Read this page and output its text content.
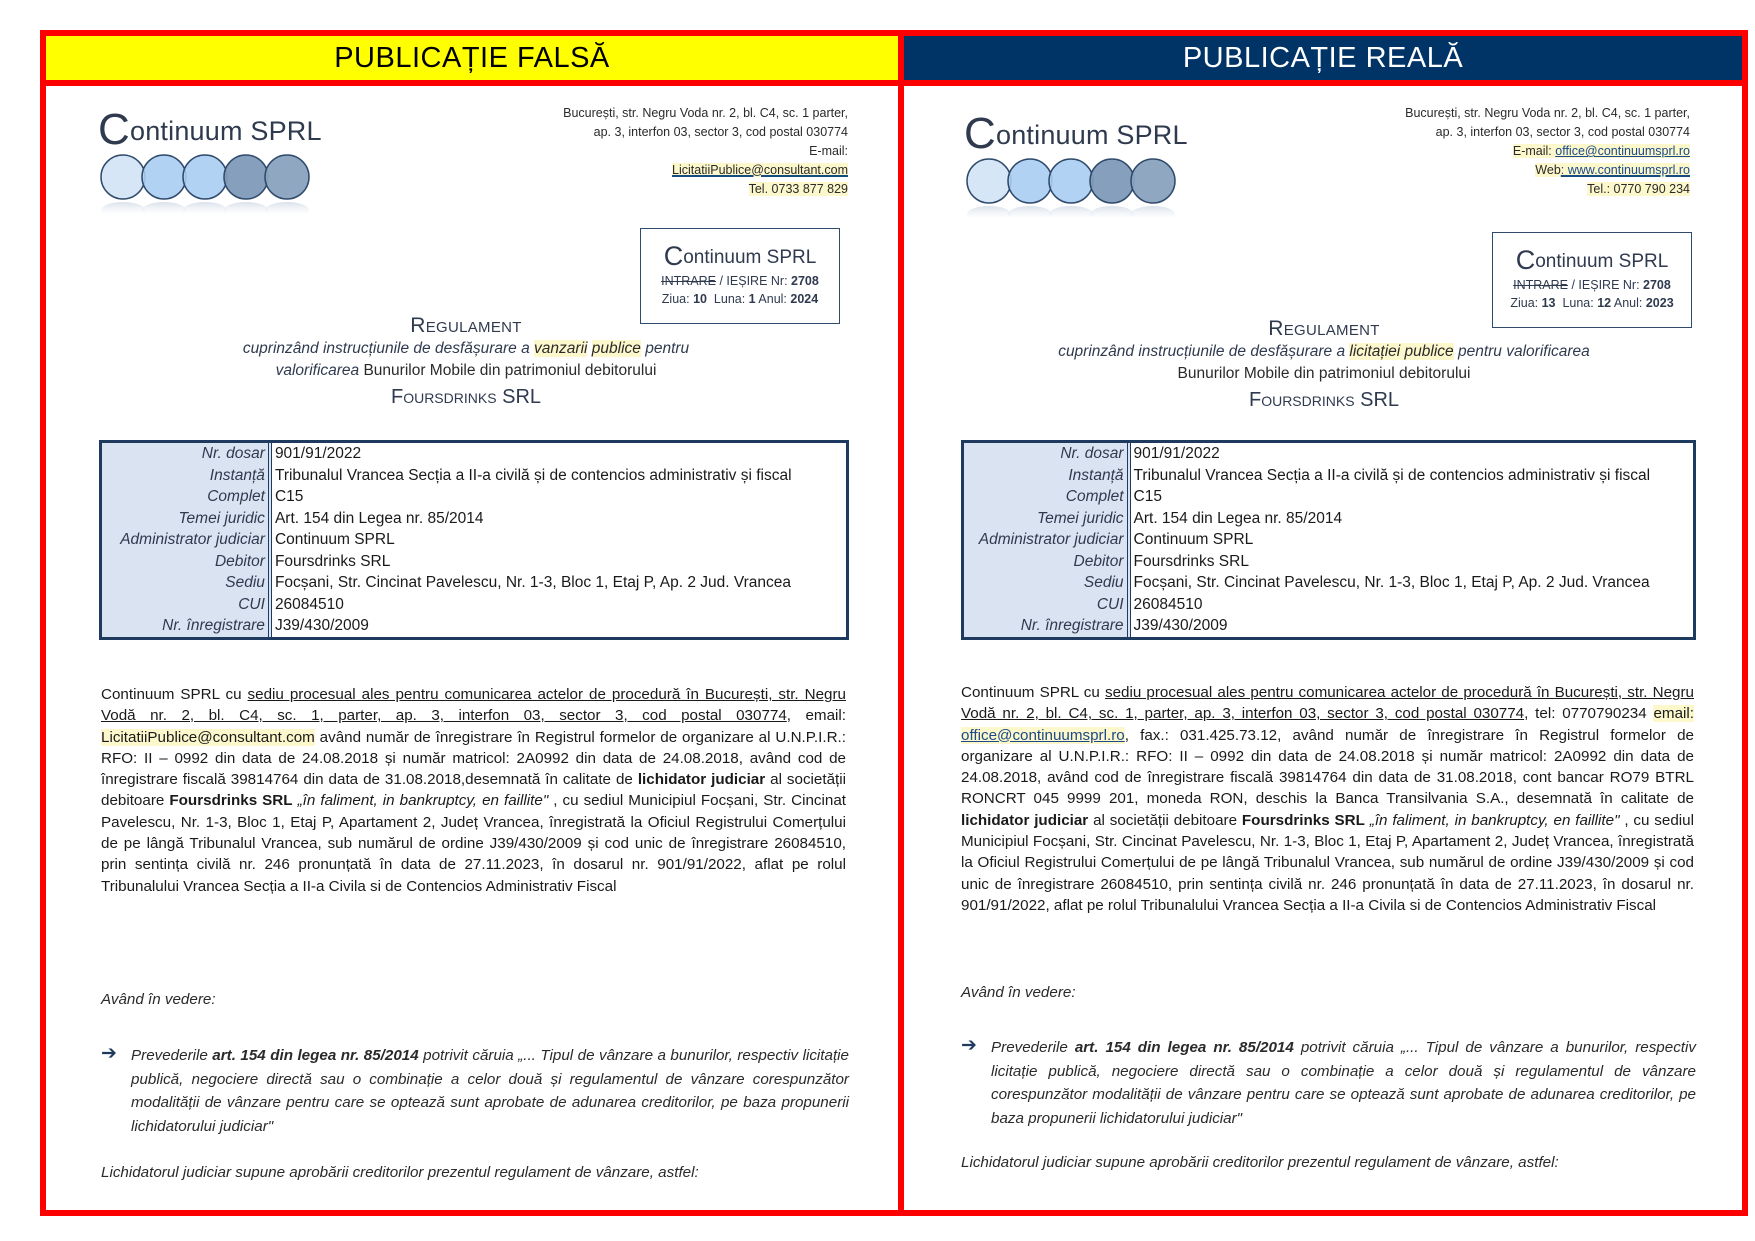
PUBLICAȚIE FALSĂ	PUBLICAȚIE REALĂ
Continuum SPRL
București, str. Negru Voda nr. 2, bl. C4, sc. 1 parter,
ap. 3, interfon 03, sector 3, cod postal 030774
E-mail:
LicitatiiPublice@consultant.com
Tel. 0733 877 829
Continuum SPRL
INTRARE / IEȘIRE Nr: 2708
Ziua: 10  Luna: 1 Anul: 2024
Regulament
cuprinzând instrucțiunile de desfășurare a vanzarii publice pentru
valorificarea Bunurilor Mobile din patrimoniul debitorului
Foursdrinks SRL
Nr. dosar	901/91/2022
Instanță	Tribunalul Vrancea Secția a II-a civilă și de contencios administrativ și fiscal
Complet	C15
Temei juridic	Art. 154 din Legea nr. 85/2014
Administrator judiciar	Continuum SPRL
Debitor	Foursdrinks SRL
Sediu	Focșani, Str. Cincinat Pavelescu, Nr. 1-3, Bloc 1, Etaj P, Ap. 2 Jud. Vrancea
CUI	26084510
Nr. înregistrare	J39/430/2009
Continuum SPRL cu sediu procesual ales pentru comunicarea actelor de procedură în București, str. Negru Vodă nr. 2, bl. C4, sc. 1, parter, ap. 3, interfon 03, sector 3, cod postal 030774, email: LicitatiiPublice@consultant.com având număr de înregistrare în Registrul formelor de organizare al U.N.P.I.R.: RFO: II – 0992 din data de 24.08.2018 și număr matricol: 2A0992 din data de 24.08.2018, având cod de înregistrare fiscală 39814764 din data de 31.08.2018,desemnată în calitate de lichidator judiciar al societății debitoare Foursdrinks SRL „în faliment, in bankruptcy, en faillite" , cu sediul Municipiul Focșani, Str. Cincinat Pavelescu, Nr. 1-3, Bloc 1, Etaj P, Apartament 2, Județ Vrancea, înregistrată la Oficiul Registrului Comerțului de pe lângă Tribunalul Vrancea, sub numărul de ordine J39/430/2009 și cod unic de înregistrare 26084510, prin sentința civilă nr. 246 pronunțată în data de 27.11.2023, în dosarul nr. 901/91/2022, aflat pe rolul Tribunalului Vrancea Secția a II-a Civila si de Contencios Administrativ Fiscal
Având în vedere:
➔ Prevederile art. 154 din legea nr. 85/2014 potrivit căruia „... Tipul de vânzare a bunurilor, respectiv licitație publică, negociere directă sau o combinație a celor două și regulamentul de vânzare corespunzător modalității de vânzare pentru care se optează sunt aprobate de adunarea creditorilor, pe baza propunerii lichidatorului judiciar"
Lichidatorul judiciar supune aprobării creditorilor prezentul regulament de vânzare, astfel:
Continuum SPRL
București, str. Negru Voda nr. 2, bl. C4, sc. 1 parter,
ap. 3, interfon 03, sector 3, cod postal 030774
E-mail: office@continuumsprl.ro
Web: www.continuumsprl.ro
Tel.: 0770 790 234
Continuum SPRL
INTRARE / IEȘIRE Nr: 2708
Ziua: 13  Luna: 12 Anul: 2023
Regulament
cuprinzând instrucțiunile de desfășurare a licitației publice pentru valorificarea
Bunurilor Mobile din patrimoniul debitorului
Foursdrinks SRL
Nr. dosar	901/91/2022
Instanță	Tribunalul Vrancea Secția a II-a civilă și de contencios administrativ și fiscal
Complet	C15
Temei juridic	Art. 154 din Legea nr. 85/2014
Administrator judiciar	Continuum SPRL
Debitor	Foursdrinks SRL
Sediu	Focșani, Str. Cincinat Pavelescu, Nr. 1-3, Bloc 1, Etaj P, Ap. 2 Jud. Vrancea
CUI	26084510
Nr. înregistrare	J39/430/2009
Continuum SPRL cu sediu procesual ales pentru comunicarea actelor de procedură în București, str. Negru Vodă nr. 2, bl. C4, sc. 1, parter, ap. 3, interfon 03, sector 3, cod postal 030774, tel: 0770790234 email: office@continuumsprl.ro, fax.: 031.425.73.12, având număr de înregistrare în Registrul formelor de organizare al U.N.P.I.R.: RFO: II – 0992 din data de 24.08.2018 și număr matricol: 2A0992 din data de 24.08.2018, având cod de înregistrare fiscală 39814764 din data de 31.08.2018, cont bancar RO79 BTRL RONCRT 045 9999 201, moneda RON, deschis la Banca Transilvania S.A., desemnată în calitate de lichidator judiciar al societății debitoare Foursdrinks SRL „în faliment, in bankruptcy, en faillite" , cu sediul Municipiul Focșani, Str. Cincinat Pavelescu, Nr. 1-3, Bloc 1, Etaj P, Apartament 2, Județ Vrancea, înregistrată la Oficiul Registrului Comerțului de pe lângă Tribunalul Vrancea, sub numărul de ordine J39/430/2009 și cod unic de înregistrare 26084510, prin sentința civilă nr. 246 pronunțată în data de 27.11.2023, în dosarul nr. 901/91/2022, aflat pe rolul Tribunalului Vrancea Secția a II-a Civila si de Contencios Administrativ Fiscal
Având în vedere:
➔ Prevederile art. 154 din legea nr. 85/2014 potrivit căruia „... Tipul de vânzare a bunurilor, respectiv licitație publică, negociere directă sau o combinație a celor două și regulamentul de vânzare corespunzător modalității de vânzare pentru care se optează sunt aprobate de adunarea creditorilor, pe baza propunerii lichidatorului judiciar"
Lichidatorul judiciar supune aprobării creditorilor prezentul regulament de vânzare, astfel:
